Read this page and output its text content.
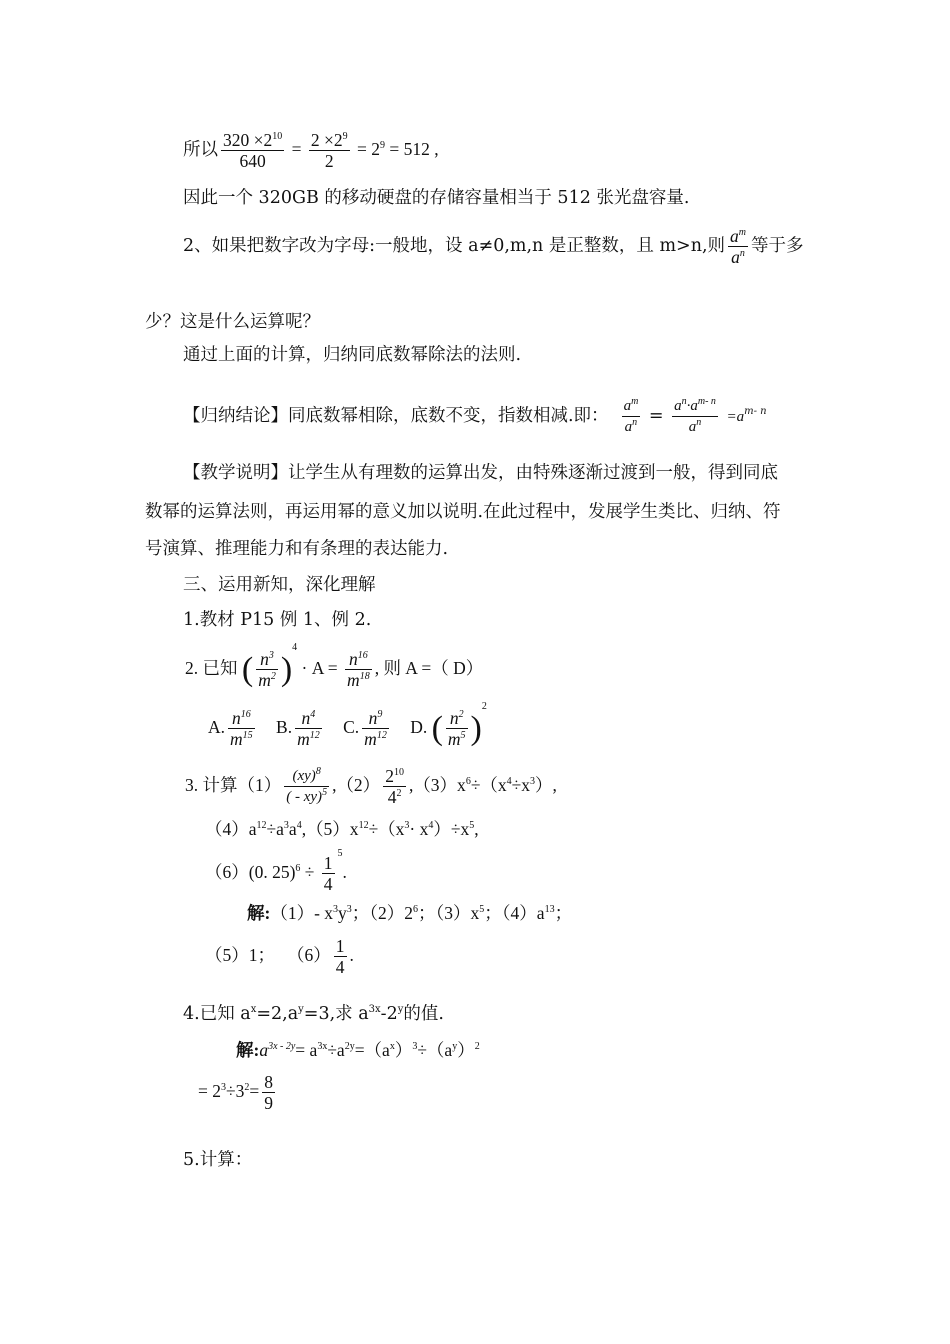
所以 $\frac{320 \times 2^{10}}{640} = \frac{2 \times 2^9}{2} = 2^9 = 512$ ,
因此一个 320GB 的移动硬盘的存储容量相当于 512 张光盘容量.
2、如果把数字改为字母:一般地，设 a≠0,m,n 是正整数，且 m>n,则 $\frac{a^m}{a^n}$ 等于多
少？这是什么运算呢？
通过上面的计算，归纳同底数幂除法的法则.
【归纳结论】同底数幂相除，底数不变，指数相减.即： $\frac{a^m}{a^n} = \frac{a^n\cdot a^{m- n}}{a^n} =a^{m- n}$
【教学说明】让学生从有理数的运算出发，由特殊逐渐过渡到一般，得到同底
数幂的运算法则，再运用幂的意义加以说明.在此过程中，发展学生类比、归纳、符
号演算、推理能力和有条理的表达能力.
三、运用新知，深化理解
1.教材 P15 例 1、例 2.
2. 已知 ( $\frac{n^3}{m^2} )^4 \cdot A = \frac{n^{16}}{m^{18}}$ , 则 A =（ D）
A. $\frac{n^{16}}{m^{15}} B$. $\frac{n^4}{m^{12}} C$. $\frac{n^9}{m^{12}} D$. ( $\frac{n^2}{m^5} )^2$
3. 计算$(1) \frac{(xy)^8}{( - xy)^5} ,(2) \frac{2^{10}}{4^2} ,(3)x^6\div(x^4\div x^3)$,
$(4)a^{12}\div a^3a^4,(5)x^{12}\div(x^3\cdot x^4)\div x^5$,
（6）(0. $25)^6 \div \frac{1}{4} ^5$.
解:（1）- $x^3y^3$；$(2)2^6$；$(3)x^5$；$(4)a^{13}$；
（5）1； $(6) \frac{1}{4}$ .
4.已知 $a^x=2,a^y=3$,求 $a^{3x}-2^y$的值.
解$:a^{3x - 2y}= a^{3x}\div a^{2y}=(a^x)^3\div(a^y)^2$
= $2^3\div 3^2= \frac{8}{9}$
5.计算：
